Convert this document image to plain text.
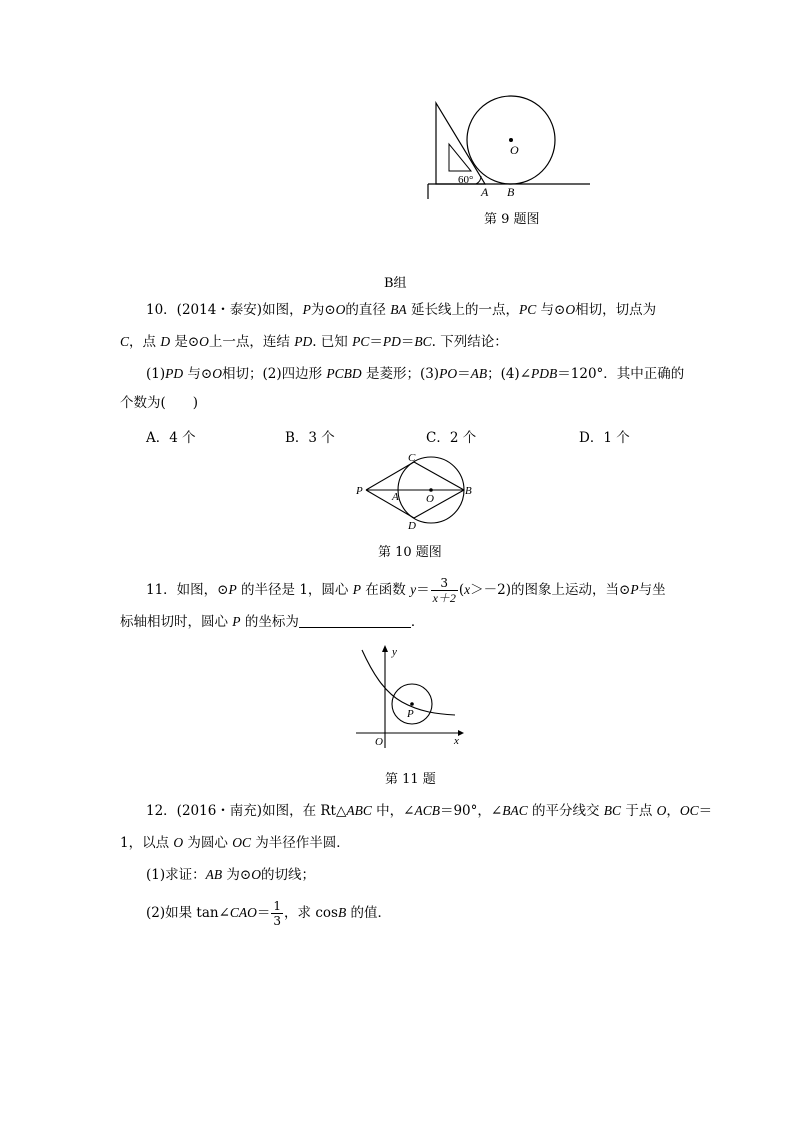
O
60°
A B
第 9 题图
B组
10．(2014・泰安)如图，P为⊙O的直径 BA 延长线上的一点，PC 与⊙O相切，切点为
C，点 D 是⊙O上一点，连结 PD. 已知 PC＝PD＝BC. 下列结论：
(1)PD 与⊙O相切；(2)四边形 PCBD 是菱形；(3)PO＝AB；(4)∠PDB＝120°．其中正确的
个数为(　　)
A．4 个	B．3 个	C．2 个	D．1 个
P	A O
B
C
D
第 10 题图
11．如图，⊙P 的半径是 1，圆心 P 在函数 $y= \frac{3}{x+2} (x>-2)$的图象上运动，当⊙P与坐
标轴相切时，圆心 P 的坐标为	．
y
x
O
P
第 11 题
12．(2016・南充)如图，在 Rt△ABC 中，∠ACB＝90°，∠BAC 的平分线交 BC 于点 O，OC＝
1，以点 O 为圆心 OC 为半径作半圆．
(1)求证：AB 为⊙O的切线；
(2)如果 tan∠CAO＝ $\frac{1}{3}$ ，求 cosB 的值．
